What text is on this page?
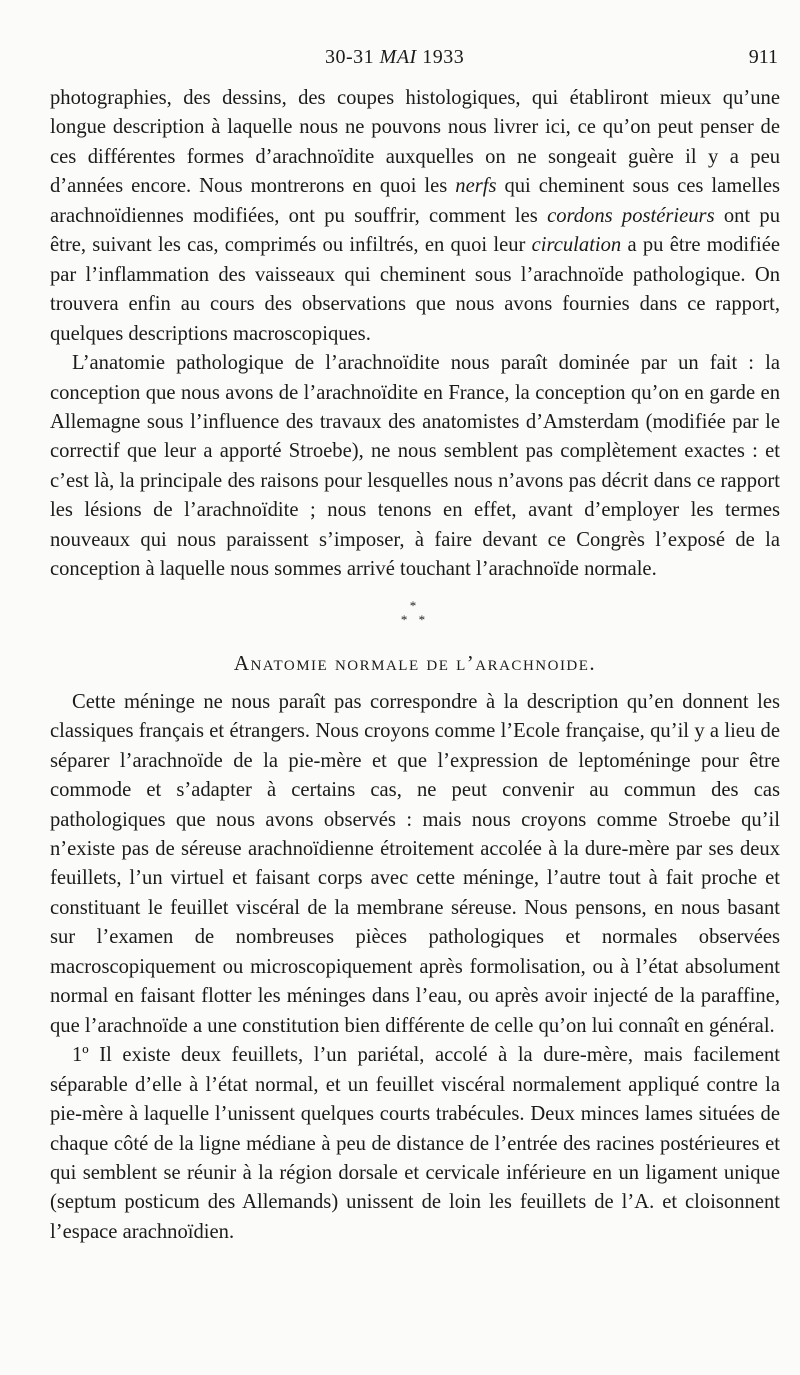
30-31 MAI 1933	911

photographies, des dessins, des coupes histologiques, qui établiront mieux qu’une longue description à laquelle nous ne pouvons nous livrer ici, ce qu’on peut penser de ces différentes formes d’arachnoïdite auxquelles on ne songeait guère il y a peu d’années encore. Nous montrerons en quoi les nerfs qui cheminent sous ces lamelles arachnoïdiennes modifiées, ont pu souffrir, comment les cordons postérieurs ont pu être, suivant les cas, comprimés ou infiltrés, en quoi leur circulation a pu être modifiée par l’inflammation des vaisseaux qui cheminent sous l’arachnoïde pathologique. On trouvera enfin au cours des observations que nous avons fournies dans ce rapport, quelques descriptions macroscopiques.

L’anatomie pathologique de l’arachnoïdite nous paraît dominée par un fait : la conception que nous avons de l’arachnoïdite en France, la conception qu’on en garde en Allemagne sous l’influence des travaux des anatomistes d’Amsterdam (modifiée par le correctif que leur a apporté Stroebe), ne nous semblent pas complètement exactes : et c’est là, la principale des raisons pour lesquelles nous n’avons pas décrit dans ce rapport les lésions de l’arachnoïdite ; nous tenons en effet, avant d’employer les termes nouveaux qui nous paraissent s’imposer, à faire devant ce Congrès l’exposé de la conception à laquelle nous sommes arrivé touchant l’arachnoïde normale.

*
* *
Anatomie normale de l’arachnoide.

Cette méninge ne nous paraît pas correspondre à la description qu’en donnent les classiques français et étrangers. Nous croyons comme l’Ecole française, qu’il y a lieu de séparer l’arachnoïde de la pie-mère et que l’expression de leptoméninge pour être commode et s’adapter à certains cas, ne peut convenir au commun des cas pathologiques que nous avons observés : mais nous croyons comme Stroebe qu’il n’existe pas de séreuse arachnoïdienne étroitement accolée à la dure-mère par ses deux feuillets, l’un virtuel et faisant corps avec cette méninge, l’autre tout à fait proche et constituant le feuillet viscéral de la membrane séreuse. Nous pensons, en nous basant sur l’examen de nombreuses pièces pathologiques et normales observées macroscopiquement ou microscopiquement après formolisation, ou à l’état absolument normal en faisant flotter les méninges dans l’eau, ou après avoir injecté de la paraffine, que l’arachnoïde a une constitution bien différente de celle qu’on lui connaît en général.

1º Il existe deux feuillets, l’un pariétal, accolé à la dure-mère, mais facilement séparable d’elle à l’état normal, et un feuillet viscéral normalement appliqué contre la pie-mère à laquelle l’unissent quelques courts trabécules. Deux minces lames situées de chaque côté de la ligne médiane à peu de distance de l’entrée des racines postérieures et qui semblent se réunir à la région dorsale et cervicale inférieure en un ligament unique (septum posticum des Allemands) unissent de loin les feuillets de l’A. et cloisonnent l’espace arachnoïdien.
